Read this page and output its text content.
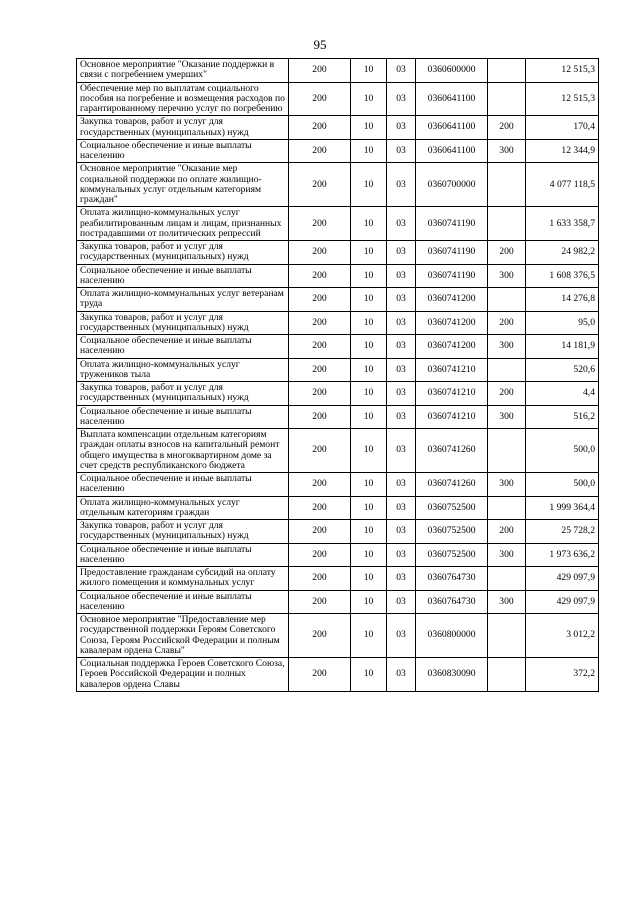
95
Основное мероприятие "Оказание поддержки в связи с погребением умерших"	200	10	03	0360600000		12 515,3
Обеспечение мер по выплатам социального пособия на погребение и возмещения расходов по гарантированному перечню услуг по погребению	200	10	03	0360641100		12 515,3
Закупка товаров, работ и услуг для государственных (муниципальных) нужд	200	10	03	0360641100	200	170,4
Социальное обеспечение и иные выплаты населению	200	10	03	0360641100	300	12 344,9
Основное мероприятие "Оказание мер социальной поддержки по оплате жилищно-коммунальных услуг отдельным категориям граждан"	200	10	03	0360700000		4 077 118,5
Оплата жилищно-коммунальных услуг реабилитированным лицам и лицам, признанных пострадавшими от политических репрессий	200	10	03	0360741190		1 633 358,7
Закупка товаров, работ и услуг для государственных (муниципальных) нужд	200	10	03	0360741190	200	24 982,2
Социальное обеспечение и иные выплаты населению	200	10	03	0360741190	300	1 608 376,5
Оплата жилищно-коммунальных услуг ветеранам труда	200	10	03	0360741200		14 276,8
Закупка товаров, работ и услуг для государственных (муниципальных) нужд	200	10	03	0360741200	200	95,0
Социальное обеспечение и иные выплаты населению	200	10	03	0360741200	300	14 181,9
Оплата жилищно-коммунальных услуг тружеников тыла	200	10	03	0360741210		520,6
Закупка товаров, работ и услуг для государственных (муниципальных) нужд	200	10	03	0360741210	200	4,4
Социальное обеспечение и иные выплаты населению	200	10	03	0360741210	300	516,2
Выплата компенсации отдельным категориям граждан оплаты взносов на капитальный ремонт общего имущества в многоквартирном доме за счет средств республиканского бюджета	200	10	03	0360741260		500,0
Социальное обеспечение и иные выплаты населению	200	10	03	0360741260	300	500,0
Оплата жилищно-коммунальных услуг отдельным категориям граждан	200	10	03	0360752500		1 999 364,4
Закупка товаров, работ и услуг для государственных (муниципальных) нужд	200	10	03	0360752500	200	25 728,2
Социальное обеспечение и иные выплаты населению	200	10	03	0360752500	300	1 973 636,2
Предоставление гражданам субсидий на оплату жилого помещения и коммунальных услуг	200	10	03	0360764730		429 097,9
Социальное обеспечение и иные выплаты населению	200	10	03	0360764730	300	429 097,9
Основное мероприятие "Предоставление мер государственной поддержки Героям Советского Союза, Героям Российской Федерации и полным кавалерам ордена Славы"	200	10	03	0360800000		3 012,2
Социальная поддержка Героев Советского Союза, Героев Российской Федерации и полных кавалеров ордена Славы	200	10	03	0360830090		372,2
